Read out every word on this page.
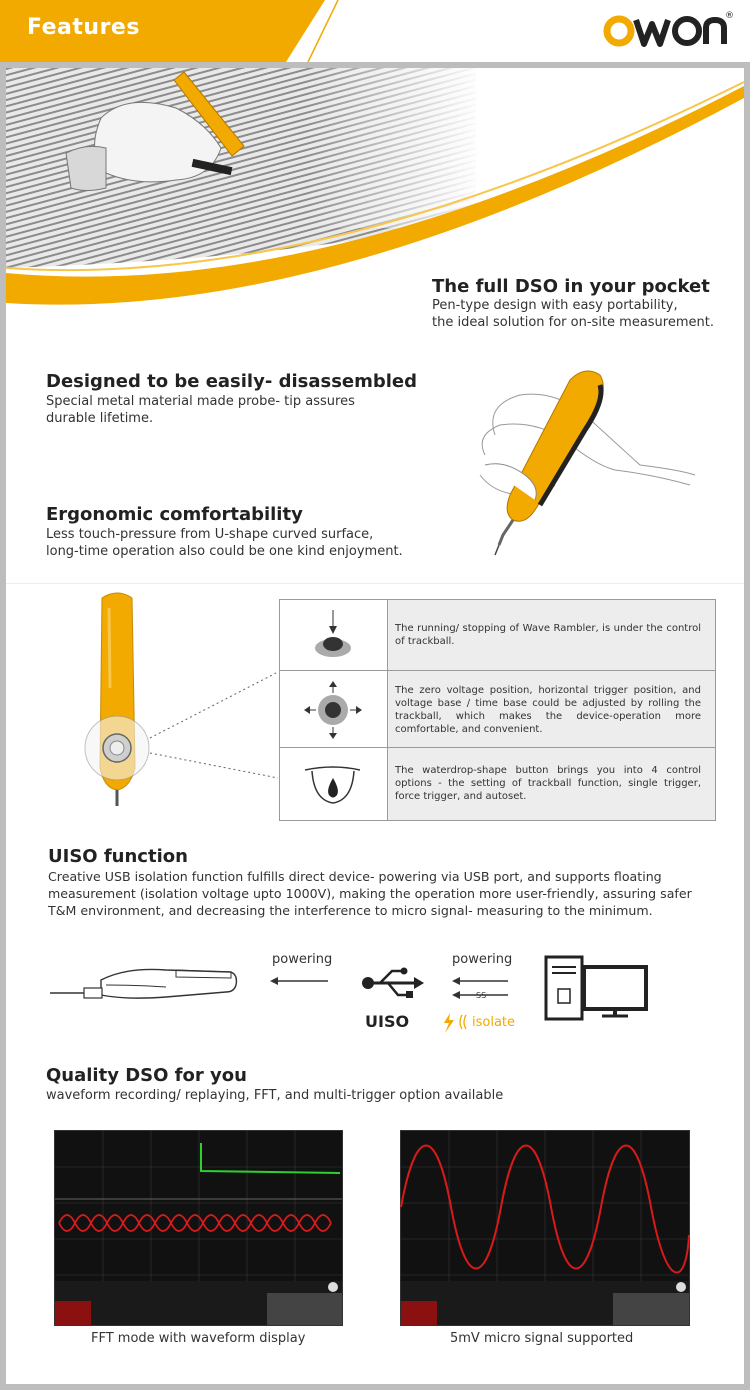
Features	®
The full DSO in your pocket
Pen-type design with easy portability,
the ideal solution for on-site measurement.
Designed to be easily- disassembled
Special metal material made probe- tip assures
durable lifetime.
Ergonomic comfortability
Less touch-pressure from U-shape curved surface,
long-time operation also could be one kind enjoyment.
The running/ stopping of Wave Rambler, is under the control of trackball.
The zero voltage position, horizontal trigger position, and voltage base / time base could be adjusted by rolling the trackball, which makes the device-operation more comfortable, and convenient.
The waterdrop-shape button brings you into 4 control options - the setting of trackball function, single trigger, force trigger, and autoset.
UISO function
Creative USB isolation function fulfills direct device- powering via USB port, and supports floating
measurement (isolation voltage upto 1000V), making the operation more user-friendly, assuring safer
T&M environment, and decreasing the interference to micro signal- measuring to the minimum.
powering
UISO
powering
SS
isolate
Quality DSO for you
waveform recording/ replaying, FFT, and multi-trigger option available
FFT mode with waveform display	5mV micro signal supported
